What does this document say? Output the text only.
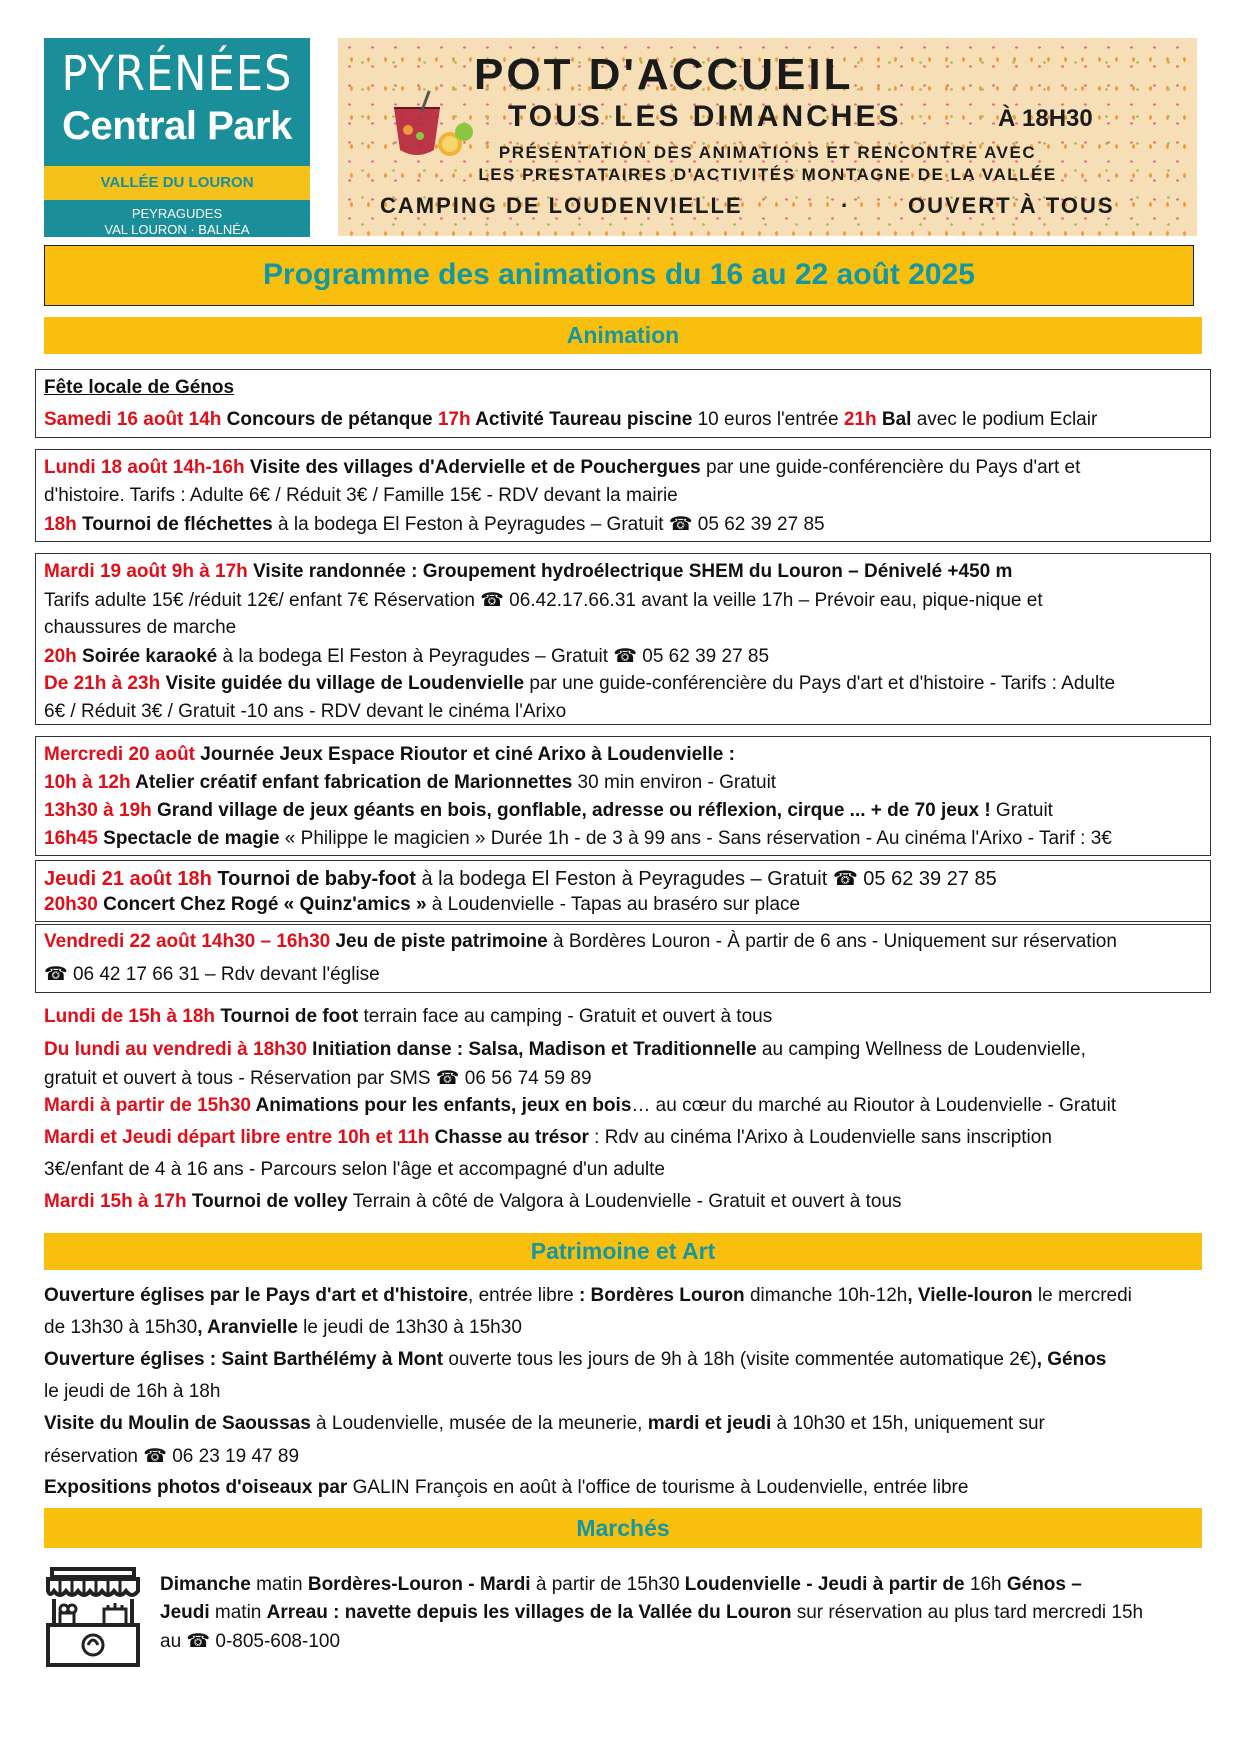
PYRÉNÉES
Central Park
VALLÉE DU LOURON
PEYRAGUDES
VAL LOURON · BALNÉA
POT D'ACCUEIL
TOUS LES DIMANCHES	À 18H30
PRÉSENTATION DES ANIMATIONS ET RENCONTRE AVEC
LES PRESTATAIRES D'ACTIVITÉS MONTAGNE DE LA VALLÉE
CAMPING DE LOUDENVIELLE	·	OUVERT À TOUS
Programme des animations du 16 au 22 août 2025
Animation
Fête locale de Génos
Samedi 16 août 14h Concours de pétanque 17h Activité Taureau piscine 10 euros l'entrée 21h Bal avec le podium Eclair
Lundi 18 août 14h-16h Visite des villages d'Adervielle et de Pouchergues par une guide-conférencière du Pays d'art et
d'histoire. Tarifs : Adulte 6€ / Réduit 3€ / Famille 15€ - RDV devant la mairie
18h Tournoi de fléchettes à la bodega El Feston à Peyragudes – Gratuit ☎ 05 62 39 27 85
Mardi 19 août 9h à 17h Visite randonnée : Groupement hydroélectrique SHEM du Louron – Dénivelé +450 m
Tarifs adulte 15€ /réduit 12€/ enfant 7€ Réservation ☎ 06.42.17.66.31 avant la veille 17h – Prévoir eau, pique-nique et
chaussures de marche
20h Soirée karaoké à la bodega El Feston à Peyragudes – Gratuit ☎ 05 62 39 27 85
De 21h à 23h Visite guidée du village de Loudenvielle par une guide-conférencière du Pays d'art et d'histoire - Tarifs : Adulte
6€ / Réduit 3€ / Gratuit -10 ans - RDV devant le cinéma l'Arixo
Mercredi 20 août Journée Jeux Espace Rioutor et ciné Arixo à Loudenvielle :
10h à 12h Atelier créatif enfant fabrication de Marionnettes 30 min environ - Gratuit
13h30 à 19h Grand village de jeux géants en bois, gonflable, adresse ou réflexion, cirque ... + de 70 jeux ! Gratuit
16h45 Spectacle de magie « Philippe le magicien » Durée 1h - de 3 à 99 ans - Sans réservation - Au cinéma l'Arixo - Tarif : 3€
Jeudi 21 août 18h Tournoi de baby-foot à la bodega El Feston à Peyragudes – Gratuit ☎ 05 62 39 27 85
20h30 Concert Chez Rogé « Quinz'amics » à Loudenvielle - Tapas au braséro sur place
Vendredi 22 août 14h30 – 16h30 Jeu de piste patrimoine à Bordères Louron - À partir de 6 ans - Uniquement sur réservation
☎ 06 42 17 66 31 – Rdv devant l'église
Lundi de 15h à 18h Tournoi de foot terrain face au camping - Gratuit et ouvert à tous
Du lundi au vendredi à 18h30 Initiation danse : Salsa, Madison et Traditionnelle au camping Wellness de Loudenvielle,
gratuit et ouvert à tous - Réservation par SMS ☎ 06 56 74 59 89
Mardi à partir de 15h30 Animations pour les enfants, jeux en bois… au cœur du marché au Rioutor à Loudenvielle - Gratuit
Mardi et Jeudi départ libre entre 10h et 11h Chasse au trésor : Rdv au cinéma l'Arixo à Loudenvielle sans inscription
3€/enfant de 4 à 16 ans - Parcours selon l'âge et accompagné d'un adulte
Mardi 15h à 17h Tournoi de volley Terrain à côté de Valgora à Loudenvielle - Gratuit et ouvert à tous
Patrimoine et Art
Ouverture églises par le Pays d'art et d'histoire, entrée libre : Bordères Louron dimanche 10h-12h, Vielle-louron le mercredi
de 13h30 à 15h30, Aranvielle le jeudi de 13h30 à 15h30
Ouverture églises : Saint Barthélémy à Mont ouverte tous les jours de 9h à 18h (visite commentée automatique 2€), Génos
le jeudi de 16h à 18h
Visite du Moulin de Saoussas à Loudenvielle, musée de la meunerie, mardi et jeudi à 10h30 et 15h, uniquement sur
réservation ☎ 06 23 19 47 89
Expositions photos d'oiseaux par GALIN François en août à l'office de tourisme à Loudenvielle, entrée libre
Marchés
Dimanche matin Bordères-Louron - Mardi à partir de 15h30 Loudenvielle - Jeudi à partir de 16h Génos –
Jeudi matin Arreau : navette depuis les villages de la Vallée du Louron sur réservation au plus tard mercredi 15h
au ☎ 0-805-608-100
